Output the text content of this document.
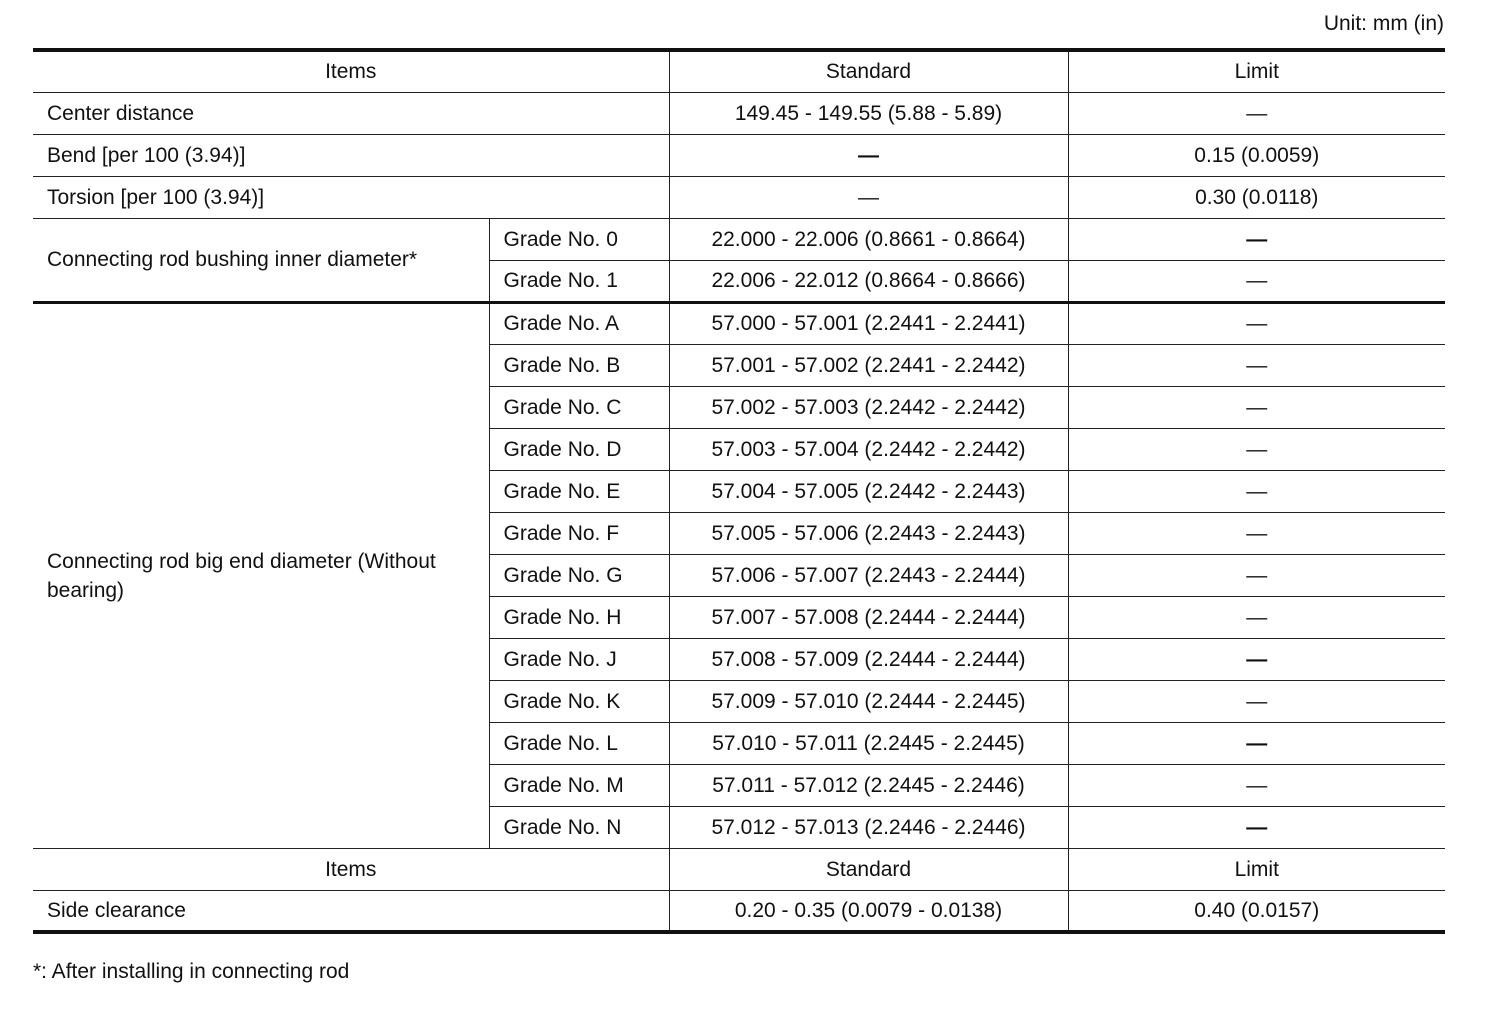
Unit: mm (in)
Items		Standard	Limit
Center distance		149.45 - 149.55 (5.88 - 5.89)	—
Bend [per 100 (3.94)]		—	0.15 (0.0059)
Torsion [per 100 (3.94)]		—	0.30 (0.0118)
Connecting rod bushing inner diameter*	Grade No. 0	22.000 - 22.006 (0.8661 - 0.8664)	—
	Grade No. 1	22.006 - 22.012 (0.8664 - 0.8666)	—
Connecting rod big end diameter (Without bearing)	Grade No. A	57.000 - 57.001 (2.2441 - 2.2441)	—
	Grade No. B	57.001 - 57.002 (2.2441 - 2.2442)	—
	Grade No. C	57.002 - 57.003 (2.2442 - 2.2442)	—
	Grade No. D	57.003 - 57.004 (2.2442 - 2.2442)	—
	Grade No. E	57.004 - 57.005 (2.2442 - 2.2443)	—
	Grade No. F	57.005 - 57.006 (2.2443 - 2.2443)	—
	Grade No. G	57.006 - 57.007 (2.2443 - 2.2444)	—
	Grade No. H	57.007 - 57.008 (2.2444 - 2.2444)	—
	Grade No. J	57.008 - 57.009 (2.2444 - 2.2444)	—
	Grade No. K	57.009 - 57.010 (2.2444 - 2.2445)	—
	Grade No. L	57.010 - 57.011 (2.2445 - 2.2445)	—
	Grade No. M	57.011 - 57.012 (2.2445 - 2.2446)	—
	Grade No. N	57.012 - 57.013 (2.2446 - 2.2446)	—
Items		Standard	Limit
Side clearance		0.20 - 0.35 (0.0079 - 0.0138)	0.40 (0.0157)
*: After installing in connecting rod
